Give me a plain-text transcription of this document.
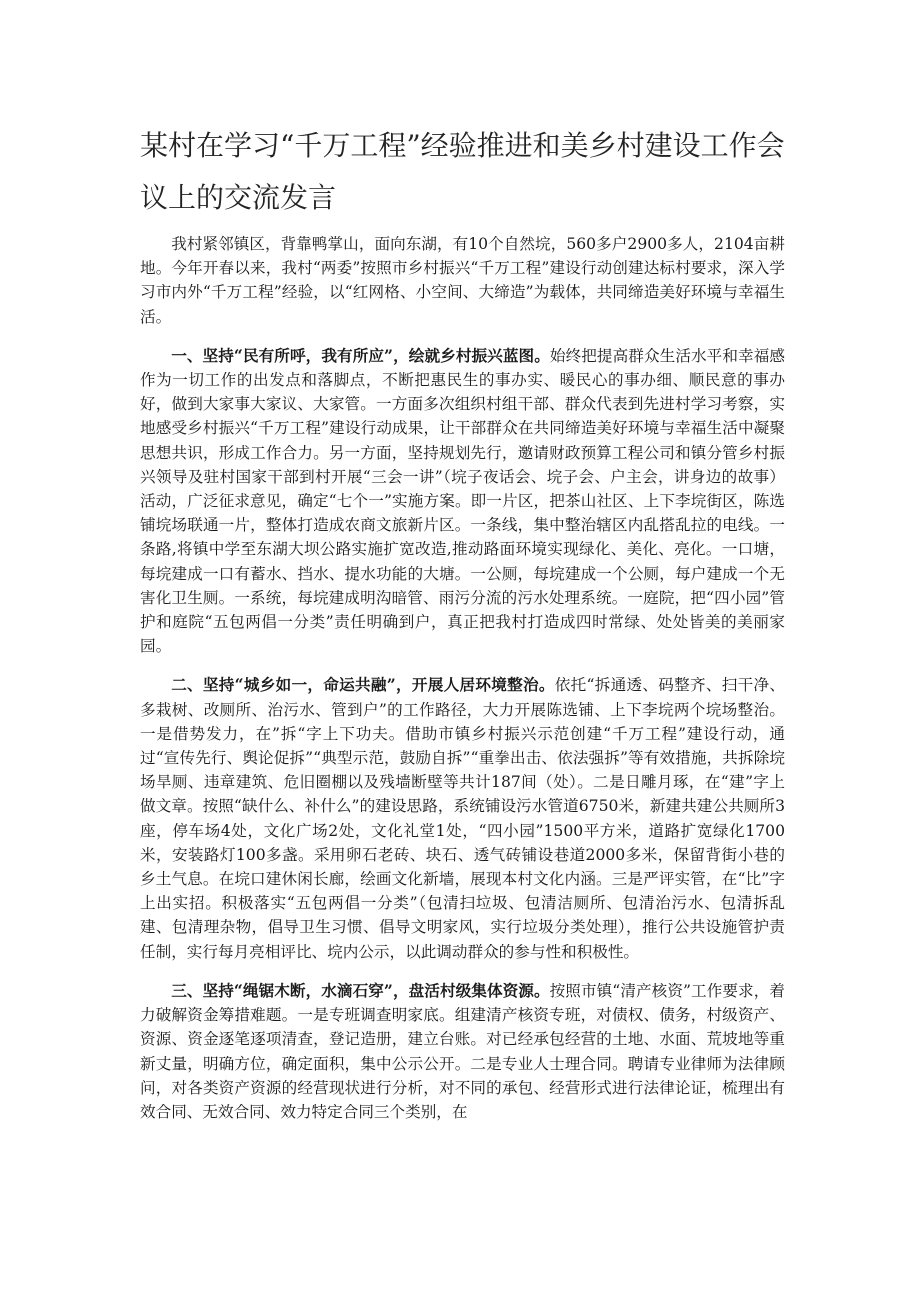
某村在学习“千万工程”经验推进和美乡村建设工作会议上的交流发言

我村紧邻镇区，背靠鸭掌山，面向东湖，有10个自然垸，560多户2900多人，2104亩耕地。今年开春以来，我村“两委”按照市乡村振兴“千万工程”建设行动创建达标村要求，深入学习市内外“千万工程”经验，以“红网格、小空间、大缔造”为载体，共同缔造美好环境与幸福生活。

一、坚持“民有所呼，我有所应”，绘就乡村振兴蓝图。始终把提高群众生活水平和幸福感作为一切工作的出发点和落脚点，不断把惠民生的事办实、暖民心的事办细、顺民意的事办好，做到大家事大家议、大家管。一方面多次组织村组干部、群众代表到先进村学习考察，实地感受乡村振兴“千万工程”建设行动成果，让干部群众在共同缔造美好环境与幸福生活中凝聚思想共识，形成工作合力。另一方面，坚持规划先行，邀请财政预算工程公司和镇分管乡村振兴领导及驻村国家干部到村开展“三会一讲”（垸子夜话会、垸子会、户主会，讲身边的故事）活动，广泛征求意见，确定“七个一”实施方案。即一片区，把茶山社区、上下李垸街区，陈选铺垸场联通一片，整体打造成农商文旅新片区。一条线，集中整治辖区内乱搭乱拉的电线。一条路,将镇中学至东湖大坝公路实施扩宽改造,推动路面环境实现绿化、美化、亮化。一口塘，每垸建成一口有蓄水、挡水、提水功能的大塘。一公厕，每垸建成一个公厕，每户建成一个无害化卫生厕。一系统，每垸建成明沟暗管、雨污分流的污水处理系统。一庭院，把“四小园”管护和庭院“五包两倡一分类”责任明确到户，真正把我村打造成四时常绿、处处皆美的美丽家园。

二、坚持“城乡如一，命运共融”，开展人居环境整治。依托“拆通透、码整齐、扫干净、多栽树、改厕所、治污水、管到户”的工作路径，大力开展陈选铺、上下李垸两个垸场整治。一是借势发力，在”拆“字上下功夫。借助市镇乡村振兴示范创建“千万工程”建设行动，通过“宣传先行、舆论促拆”“典型示范，鼓励自拆”“重拳出击、依法强拆”等有效措施，共拆除垸场旱厕、违章建筑、危旧圈棚以及残墙断壁等共计187间（处）。二是日雕月琢，在“建”字上做文章。按照“缺什么、补什么”的建设思路，系统铺设污水管道6750米，新建共建公共厕所3座，停车场4处，文化广场2处，文化礼堂1处，“四小园”1500平方米，道路扩宽绿化1700米，安装路灯100多盏。采用卵石老砖、块石、透气砖铺设巷道2000多米，保留背街小巷的乡土气息。在垸口建休闲长廊，绘画文化新墙，展现本村文化内涵。三是严评实管，在“比”字上出实招。积极落实“五包两倡一分类”（包清扫垃圾、包清洁厕所、包清治污水、包清拆乱建、包清理杂物，倡导卫生习惯、倡导文明家风，实行垃圾分类处理），推行公共设施管护责任制，实行每月亮相评比、垸内公示，以此调动群众的参与性和积极性。

三、坚持“绳锯木断，水滴石穿”，盘活村级集体资源。按照市镇“清产核资”工作要求，着力破解资金筹措难题。一是专班调查明家底。组建清产核资专班，对债权、债务，村级资产、资源、资金逐笔逐项清查，登记造册，建立台账。对已经承包经营的土地、水面、荒坡地等重新丈量，明确方位，确定面积，集中公示公开。二是专业人士理合同。聘请专业律师为法律顾问，对各类资产资源的经营现状进行分析，对不同的承包、经营形式进行法律论证，梳理出有效合同、无效合同、效力特定合同三个类别，在
